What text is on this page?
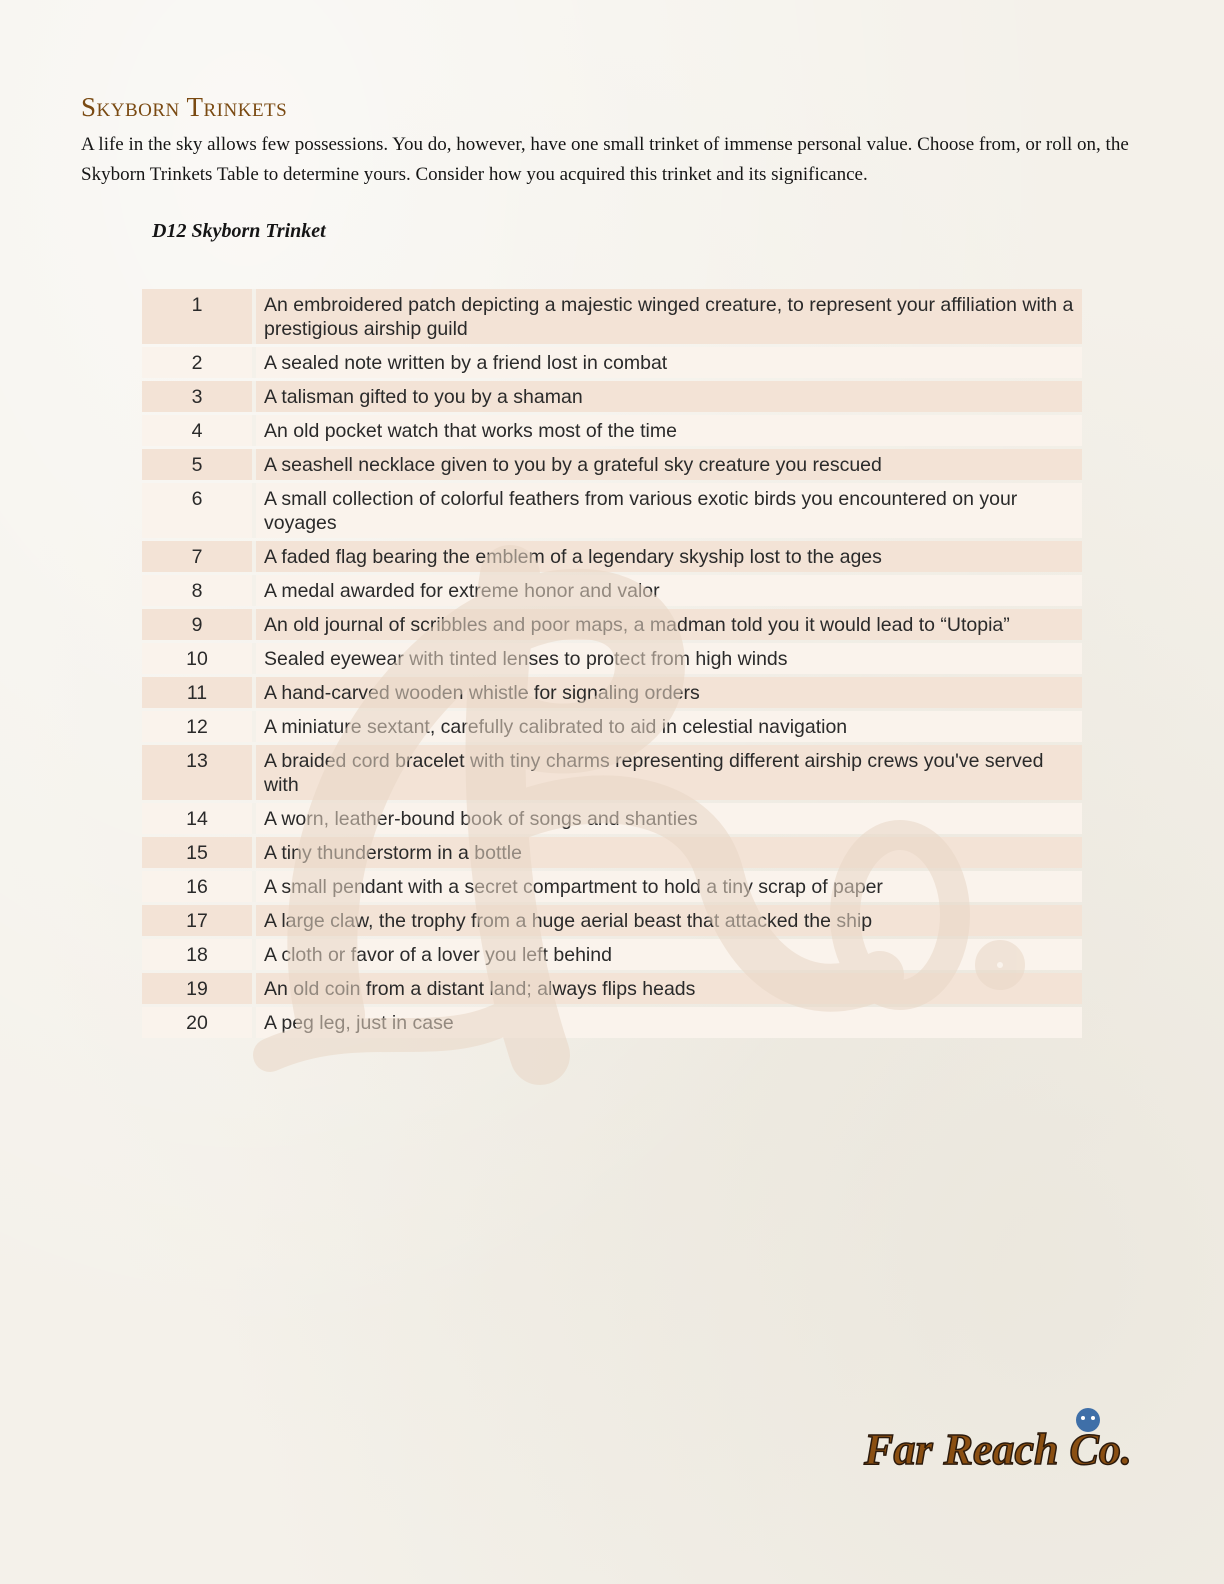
Skyborn Trinkets

A life in the sky allows few possessions. You do, however, have one small trinket of immense personal value. Choose from, or roll on, the Skyborn Trinkets Table to determine yours. Consider how you acquired this trinket and its significance.

D12 Skyborn Trinket

1	An embroidered patch depicting a majestic winged creature, to represent your affiliation with a prestigious airship guild
2	A sealed note written by a friend lost in combat
3	A talisman gifted to you by a shaman
4	An old pocket watch that works most of the time
5	A seashell necklace given to you by a grateful sky creature you rescued
6	A small collection of colorful feathers from various exotic birds you encountered on your voyages
7	A faded flag bearing the emblem of a legendary skyship lost to the ages
8	A medal awarded for extreme honor and valor
9	An old journal of scribbles and poor maps, a madman told you it would lead to “Utopia”
10	Sealed eyewear with tinted lenses to protect from high winds
11	A hand-carved wooden whistle for signaling orders
12	A miniature sextant, carefully calibrated to aid in celestial navigation
13	A braided cord bracelet with tiny charms representing different airship crews you've served with
14	A worn, leather-bound book of songs and shanties
15	A tiny thunderstorm in a bottle
16	A small pendant with a secret compartment to hold a tiny scrap of paper
17	A large claw, the trophy from a huge aerial beast that attacked the ship
18	A cloth or favor of a lover you left behind
19	An old coin from a distant land; always flips heads
20	A peg leg, just in case
Far Reach Co.
